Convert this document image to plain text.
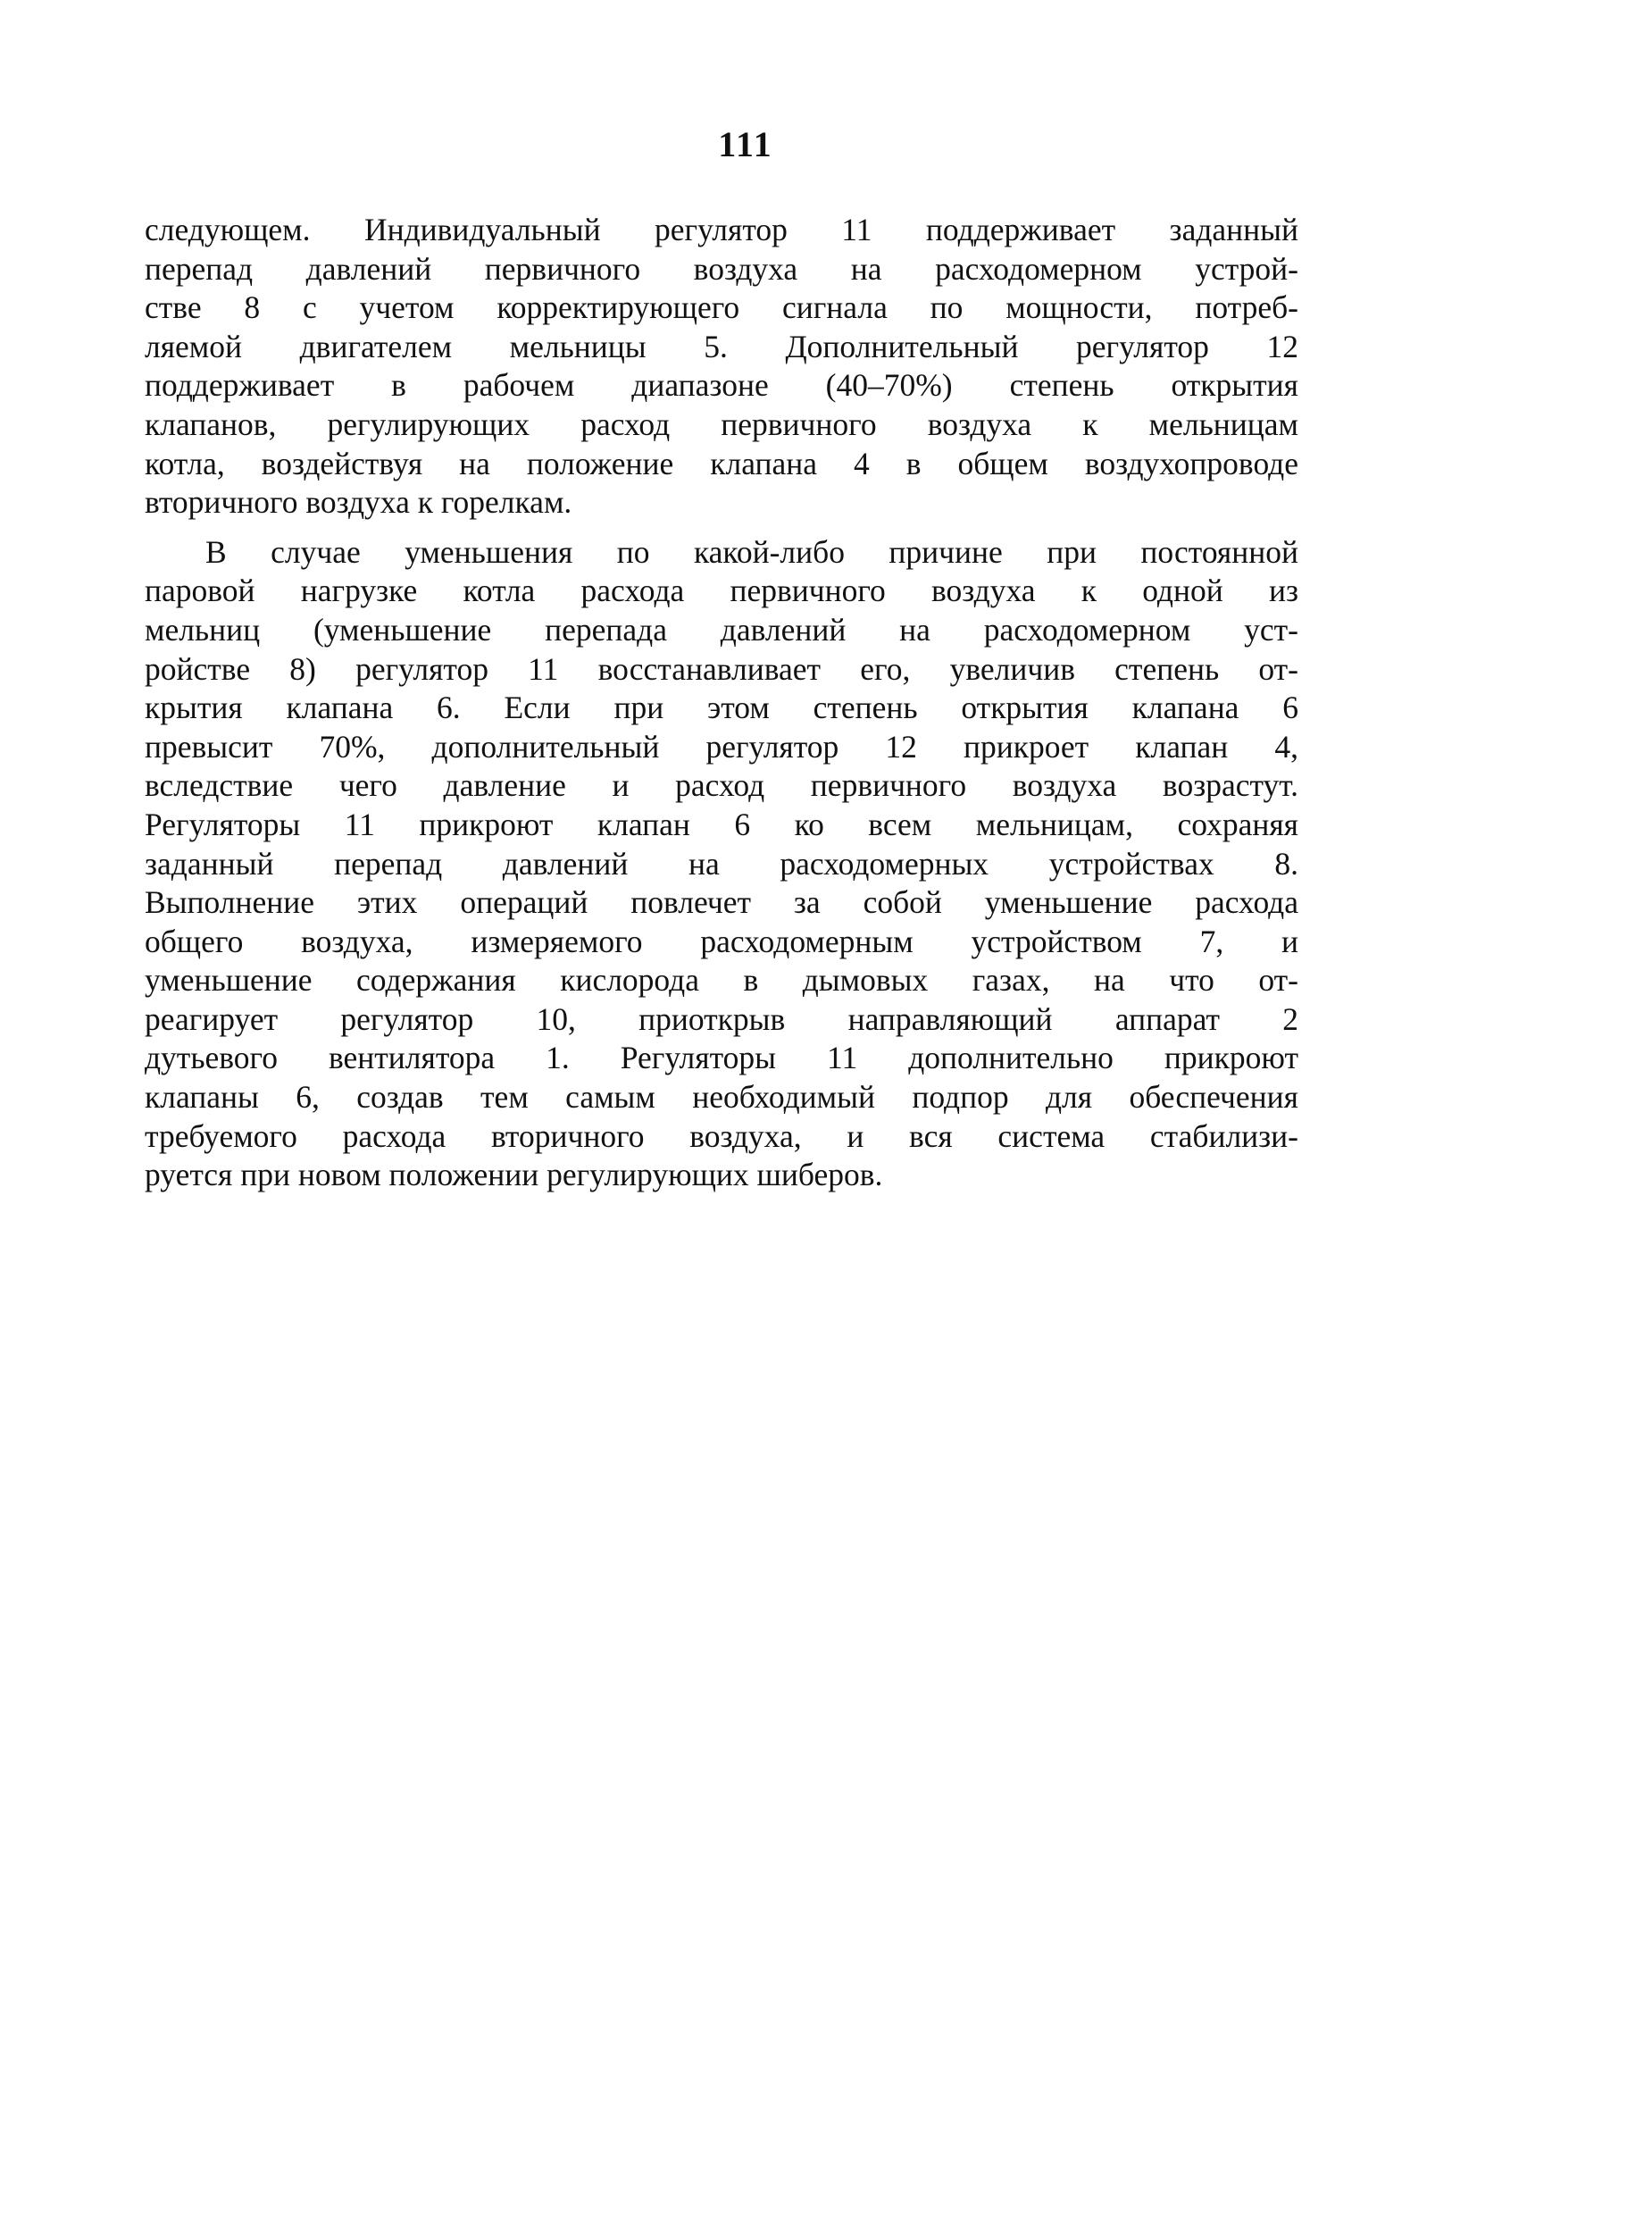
111

следующем. Индивидуальный регулятор 11 поддерживает заданный
перепад давлений первичного воздуха на расходомерном устрой-
стве 8 с учетом корректирующего сигнала по мощности, потреб-
ляемой двигателем мельницы 5. Дополнительный регулятор 12
поддерживает в рабочем диапазоне (40–70%) степень открытия
клапанов, регулирующих расход первичного воздуха к мельницам
котла, воздействуя на положение клапана 4 в общем воздухопроводе
вторичного воздуха к горелкам.

В случае уменьшения по какой-либо причине при постоянной
паровой нагрузке котла расхода первичного воздуха к одной из
мельниц (уменьшение перепада давлений на расходомерном уст-
ройстве 8) регулятор 11 восстанавливает его, увеличив степень от-
крытия клапана 6. Если при этом степень открытия клапана 6
превысит 70%, дополнительный регулятор 12 прикроет клапан 4,
вследствие чего давление и расход первичного воздуха возрастут.
Регуляторы 11 прикроют клапан 6 ко всем мельницам, сохраняя
заданный перепад давлений на расходомерных устройствах 8.
Выполнение этих операций повлечет за собой уменьшение расхода
общего воздуха, измеряемого расходомерным устройством 7, и
уменьшение содержания кислорода в дымовых газах, на что от-
реагирует регулятор 10, приоткрыв направляющий аппарат 2
дутьевого вентилятора 1. Регуляторы 11 дополнительно прикроют
клапаны 6, создав тем самым необходимый подпор для обеспечения
требуемого расхода вторичного воздуха, и вся система стабилизи-
руется при новом положении регулирующих шиберов.
